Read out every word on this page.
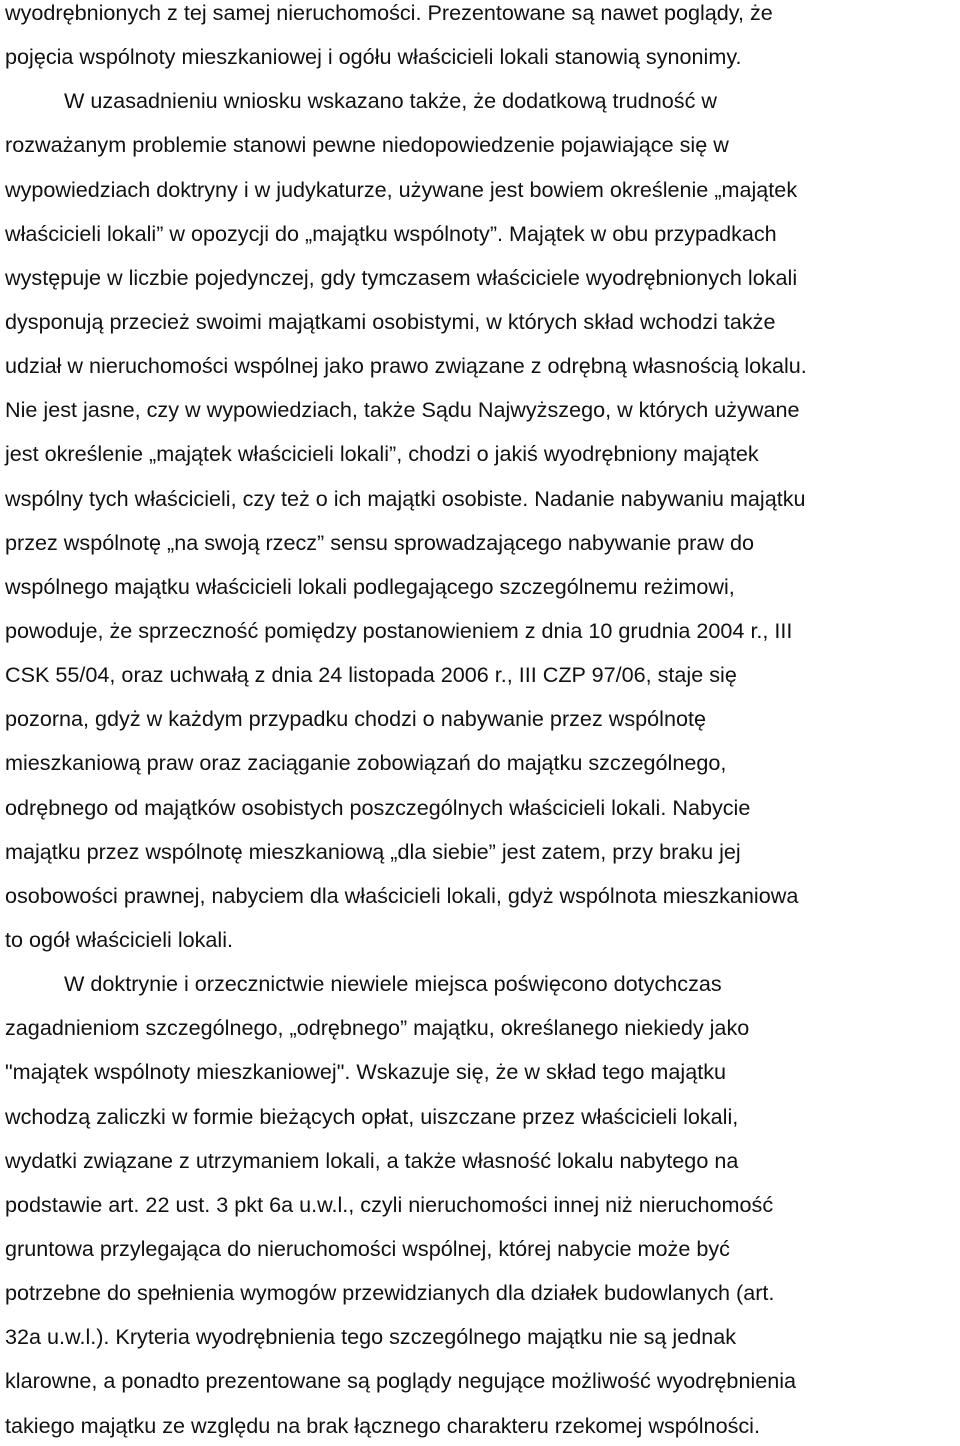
wyodrębnionych z tej samej nieruchomości. Prezentowane są nawet poglądy, że
pojęcia wspólnoty mieszkaniowej i ogółu właścicieli lokali stanowią synonimy.
W uzasadnieniu wniosku wskazano także, że dodatkową trudność w
rozważanym problemie stanowi pewne niedopowiedzenie pojawiające się w
wypowiedziach doktryny i w judykaturze, używane jest bowiem określenie „majątek
właścicieli lokali” w opozycji do „majątku wspólnoty”. Majątek w obu przypadkach
występuje w liczbie pojedynczej, gdy tymczasem właściciele wyodrębnionych lokali
dysponują przecież swoimi majątkami osobistymi, w których skład wchodzi także
udział w nieruchomości wspólnej jako prawo związane z odrębną własnością lokalu.
Nie jest jasne, czy w wypowiedziach, także Sądu Najwyższego, w których używane
jest określenie „majątek właścicieli lokali”, chodzi o jakiś wyodrębniony majątek
wspólny tych właścicieli, czy też o ich majątki osobiste. Nadanie nabywaniu majątku
przez wspólnotę „na swoją rzecz” sensu sprowadzającego nabywanie praw do
wspólnego majątku właścicieli lokali podlegającego szczególnemu reżimowi,
powoduje, że sprzeczność pomiędzy postanowieniem z dnia 10 grudnia 2004 r., III
CSK 55/04, oraz uchwałą z dnia 24 listopada 2006 r., III CZP 97/06, staje się
pozorna, gdyż w każdym przypadku chodzi o nabywanie przez wspólnotę
mieszkaniową praw oraz zaciąganie zobowiązań do majątku szczególnego,
odrębnego od majątków osobistych poszczególnych właścicieli lokali. Nabycie
majątku przez wspólnotę mieszkaniową „dla siebie” jest zatem, przy braku jej
osobowości prawnej, nabyciem dla właścicieli lokali, gdyż wspólnota mieszkaniowa
to ogół właścicieli lokali.
W doktrynie i orzecznictwie niewiele miejsca poświęcono dotychczas
zagadnieniom szczególnego, „odrębnego” majątku, określanego niekiedy jako
"majątek wspólnoty mieszkaniowej". Wskazuje się, że w skład tego majątku
wchodzą zaliczki w formie bieżących opłat, uiszczane przez właścicieli lokali,
wydatki związane z utrzymaniem lokali, a także własność lokalu nabytego na
podstawie art. 22 ust. 3 pkt 6a u.w.l., czyli nieruchomości innej niż nieruchomość
gruntowa przylegająca do nieruchomości wspólnej, której nabycie może być
potrzebne do spełnienia wymogów przewidzianych dla działek budowlanych (art.
32a u.w.l.). Kryteria wyodrębnienia tego szczególnego majątku nie są jednak
klarowne, a ponadto prezentowane są poglądy negujące możliwość wyodrębnienia
takiego majątku ze względu na brak łącznego charakteru rzekomej wspólności.
